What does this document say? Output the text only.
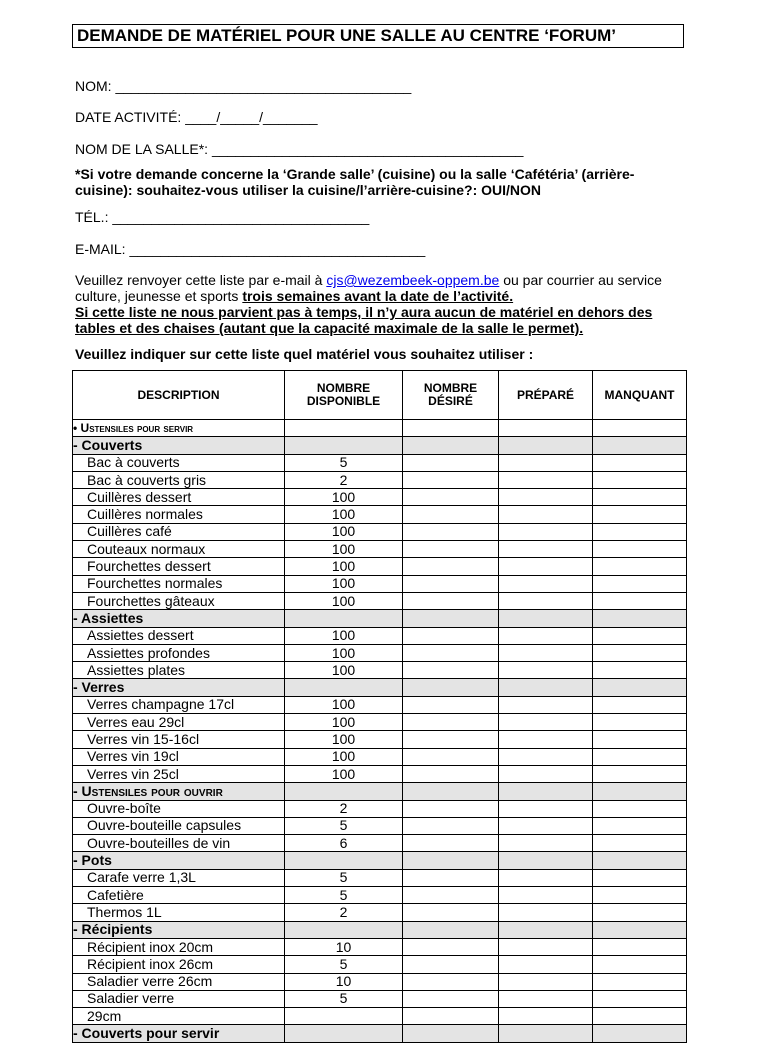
DEMANDE DE MATÉRIEL POUR UNE SALLE AU CENTRE ‘FORUM’
NOM: ______________________________________
DATE ACTIVITÉ: ____/_____/_______
NOM DE LA SALLE*: ________________________________________
*Si votre demande concerne la ‘Grande salle’ (cuisine) ou la salle ‘Cafétéria’ (arrière-cuisine): souhaitez-vous utiliser la cuisine/l’arrière-cuisine?: OUI/NON
TÉL.: _________________________________
E-MAIL: ______________________________________
Veuillez renvoyer cette liste par e-mail à cjs@wezembeek-oppem.be ou par courrier au service culture, jeunesse et sports trois semaines avant la date de l’activité.
Si cette liste ne nous parvient pas à temps, il n’y aura aucun de matériel en dehors des tables et des chaises (autant que la capacité maximale de la salle le permet).
Veuillez indiquer sur cette liste quel matériel vous souhaitez utiliser :
DESCRIPTION	NOMBRE DISPONIBLE	NOMBRE DÉSIRÉ	PRÉPARÉ	MANQUANT
• Ustensiles pour servir				
- Couverts				
Bac à couverts	5			
Bac à couverts gris	2			
Cuillères dessert	100			
Cuillères normales	100			
Cuillères café	100			
Couteaux normaux	100			
Fourchettes dessert	100			
Fourchettes normales	100			
Fourchettes gâteaux	100			
- Assiettes				
Assiettes dessert	100			
Assiettes profondes	100			
Assiettes plates	100			
- Verres				
Verres champagne 17cl	100			
Verres eau 29cl	100			
Verres vin 15-16cl	100			
Verres vin 19cl	100			
Verres vin 25cl	100			
- Ustensiles pour ouvrir				
Ouvre-boîte	2			
Ouvre-bouteille capsules	5			
Ouvre-bouteilles de vin	6			
- Pots				
Carafe verre 1,3L	5			
Cafetière	5			
Thermos 1L	2			
- Récipients				
Récipient inox 20cm	10			
Récipient inox 26cm	5			
Saladier verre 26cm	10			
Saladier verre	5			
29cm				
- Couverts pour servir				
